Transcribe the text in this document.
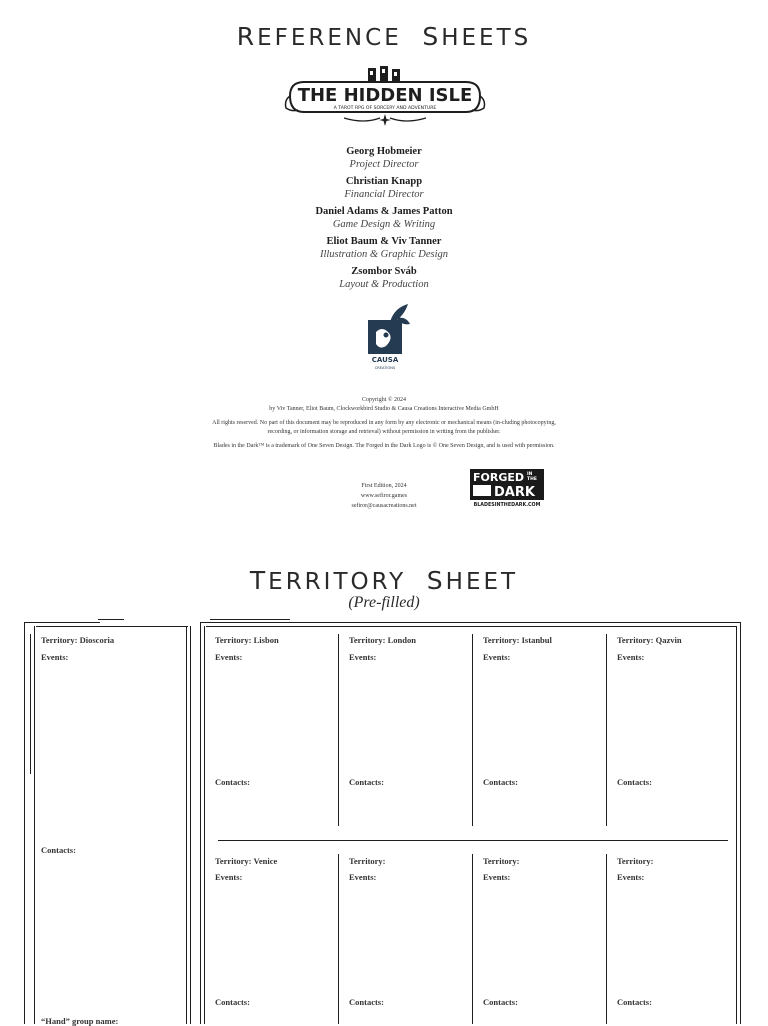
REFERENCE SHEETS
THE HIDDEN ISLE
A TAROT RPG OF SORCERY AND ADVENTURE
Georg Hobmeier
Project Director
Christian Knapp
Financial Director
Daniel Adams & James Patton
Game Design & Writing
Eliot Baum & Viv Tanner
Illustration & Graphic Design
Zsombor Sváb
Layout & Production
CAUSA
CREATIONS

Copyright © 2024
by Viv Tanner, Eliot Baum, Clockworkbird Studio & Causa Creations Interactive Media GmbH

All rights reserved. No part of this document may be reproduced in any form by any electronic or mechanical means (in-cluding photocopying, recording, or information storage and retrieval) without permission in writing from the publisher.

Blades in the Dark™ is a trademark of One Seven Design. The Forged in the Dark Logo is © One Seven Design, and is used with permission.

First Edition, 2024
www.sefiror.games
sefiror@causacreations.net
FORGED IN
THE
DARK
BLADESINTHEDARK.COM
TERRITORY SHEET
(Pre-filled)
Territory: Dioscoria
Events:
Contacts:
“Hand” group name:
Territory: Lisbon
Events:
Contacts:
Territory: London
Events:
Contacts:
Territory: Istanbul
Events:
Contacts:
Territory: Qazvin
Events:
Contacts:
Territory: Venice
Events:
Contacts:
Territory:
Events:
Contacts:
Territory:
Events:
Contacts:
Territory:
Events:
Contacts:
